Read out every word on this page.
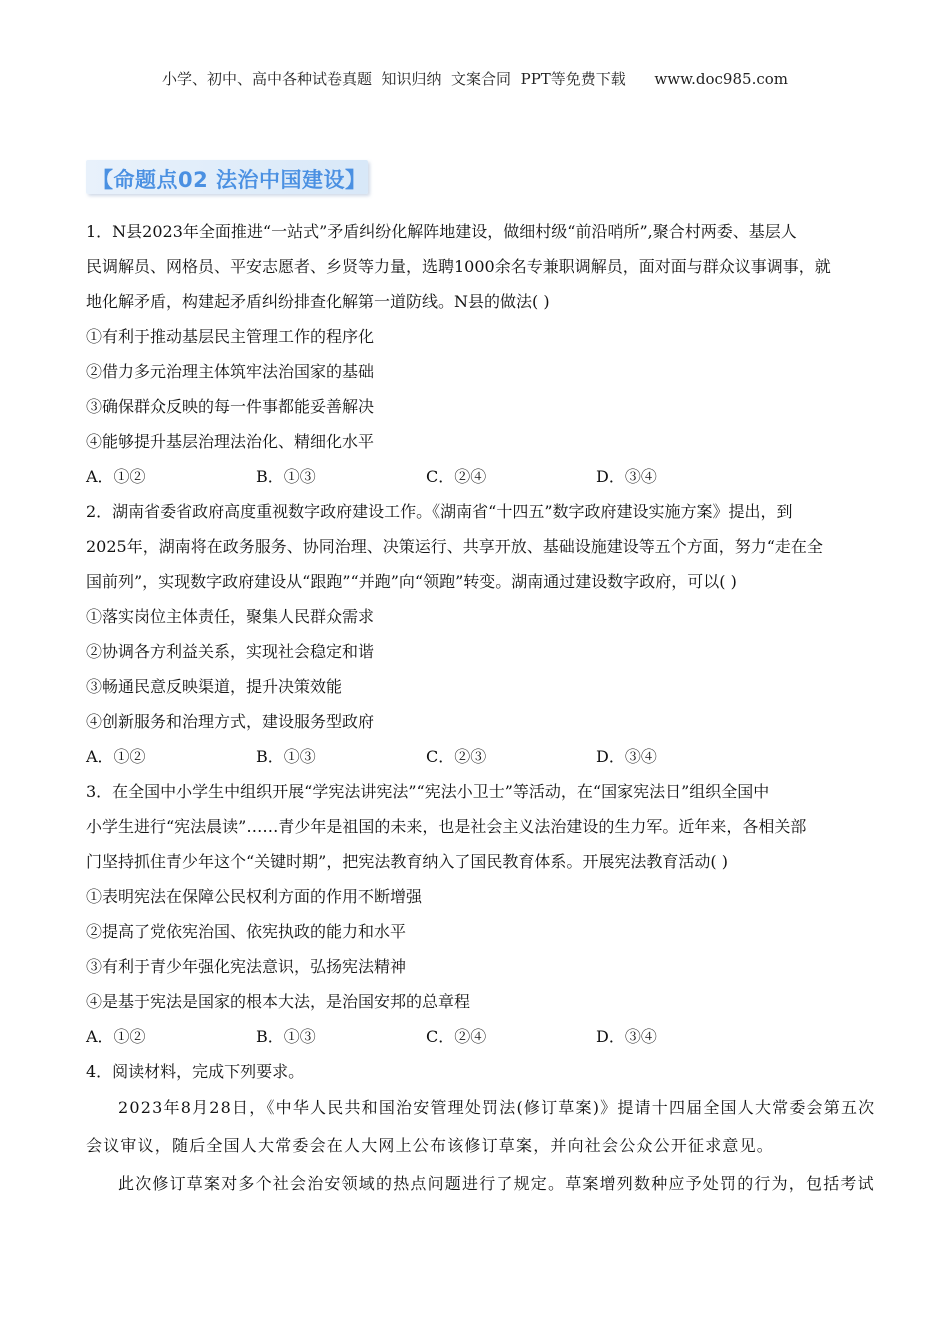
小学、初中、高中各种试卷真题  知识归纳  文案合同  PPT等免费下载      www.doc985.com
【命题点02 法治中国建设】
1．N县2023年全面推进“一站式”矛盾纠纷化解阵地建设，做细村级“前沿哨所”,聚合村两委、基层人
民调解员、网格员、平安志愿者、乡贤等力量，选聘1000余名专兼职调解员，面对面与群众议事调事，就
地化解矛盾，构建起矛盾纠纷排查化解第一道防线。N县的做法( )
①有利于推动基层民主管理工作的程序化
②借力多元治理主体筑牢法治国家的基础
③确保群众反映的每一件事都能妥善解决
④能够提升基层治理法治化、精细化水平
A．①②	B．①③	C．②④	D．③④
2．湖南省委省政府高度重视数字政府建设工作。《湖南省“十四五”数字政府建设实施方案》提出，到
2025年，湖南将在政务服务、协同治理、决策运行、共享开放、基础设施建设等五个方面，努力“走在全
国前列”，实现数字政府建设从“跟跑”“并跑”向“领跑”转变。湖南通过建设数字政府，可以( )
①落实岗位主体责任，聚集人民群众需求
②协调各方利益关系，实现社会稳定和谐
③畅通民意反映渠道，提升决策效能
④创新服务和治理方式，建设服务型政府
A．①②	B．①③	C．②③	D．③④
3．在全国中小学生中组织开展“学宪法讲宪法”“宪法小卫士”等活动，在“国家宪法日”组织全国中
小学生进行“宪法晨读”……青少年是祖国的未来，也是社会主义法治建设的生力军。近年来，各相关部
门坚持抓住青少年这个“关键时期”，把宪法教育纳入了国民教育体系。开展宪法教育活动( )
①表明宪法在保障公民权利方面的作用不断增强
②提高了党依宪治国、依宪执政的能力和水平
③有利于青少年强化宪法意识，弘扬宪法精神
④是基于宪法是国家的根本大法，是治国安邦的总章程
A．①②	B．①③	C．②④	D．③④
4．阅读材料，完成下列要求。
2023年8月28日，《中华人民共和国治安管理处罚法(修订草案)》提请十四届全国人大常委会第五次
会议审议，随后全国人大常委会在人大网上公布该修订草案，并向社会公众公开征求意见。
此次修订草案对多个社会治安领域的热点问题进行了规定。草案增列数种应予处罚的行为，包括考试
